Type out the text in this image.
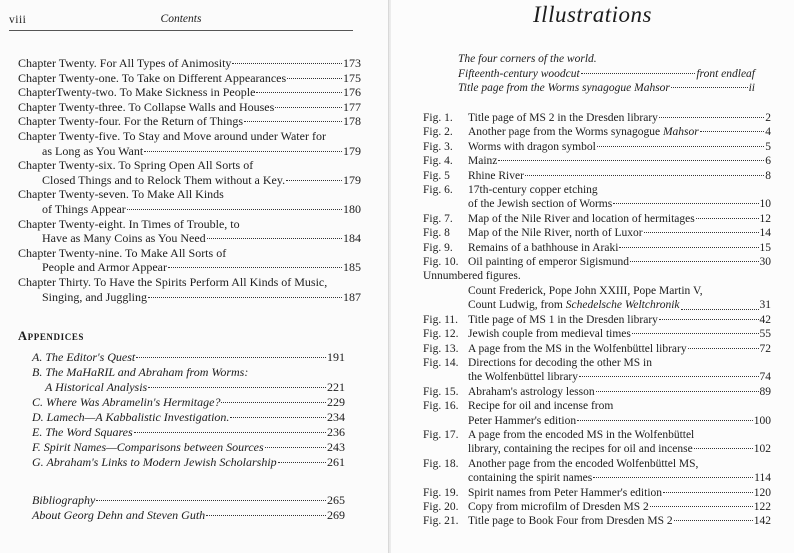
viii	Contents
Chapter Twenty. For All Types of Animosity	173
Chapter Twenty-one. To Take on Different Appearances	175
ChapterTwenty-two. To Make Sickness in People	176
Chapter Twenty-three. To Collapse Walls and Houses	177
Chapter Twenty-four. For the Return of Things	178
Chapter Twenty-five. To Stay and Move around under Water for
as Long as You Want	179
Chapter Twenty-six. To Spring Open All Sorts of
Closed Things and to Relock Them without a Key.	179
Chapter Twenty-seven. To Make All Kinds
of Things Appear	180
Chapter Twenty-eight. In Times of Trouble, to
Have as Many Coins as You Need	184
Chapter Twenty-nine. To Make All Sorts of
People and Armor Appear	185
Chapter Thirty. To Have the Spirits Perform All Kinds of Music,
Singing, and Juggling	187
Appendices
A. The Editor's Quest	191
B. The MaHaRIL and Abraham from Worms:
A Historical Analysis	221
C. Where Was Abramelin's Hermitage?	229
D. Lamech—A Kabbalistic Investigation.	234
E. The Word Squares	236
F. Spirit Names—Comparisons between Sources	243
G. Abraham's Links to Modern Jewish Scholarship	261
Bibliography	265
About Georg Dehn and Steven Guth	269
Illustrations
The four corners of the world.
Fifteenth-century woodcut	front endleaf
Title page from the Worms synagogue Mahsor	ii
Fig. 1.	Title page of MS 2 in the Dresden library	2
Fig. 2.	Another page from the Worms synagogue Mahsor	4
Fig. 3.	Worms with dragon symbol	5
Fig. 4.	Mainz	6
Fig. 5	Rhine River	8
Fig. 6.	17th-century copper etching
of the Jewish section of Worms	10
Fig. 7.	Map of the Nile River and location of hermitages	12
Fig. 8	Map of the Nile River, north of Luxor	14
Fig. 9.	Remains of a bathhouse in Araki	15
Fig. 10. Oil painting of emperor Sigismund	30
Unnumbered figures.
Count Frederick, Pope John XXIII, Pope Martin V,
Count Ludwig, from Schedelsche Weltchronik	31
Fig. 11. Title page of MS 1 in the Dresden library	42
Fig. 12. Jewish couple from medieval times	55
Fig. 13. A page from the MS in the Wolfenbüttel library	72
Fig. 14. Directions for decoding the other MS in
the Wolfenbüttel library	74
Fig. 15. Abraham's astrology lesson	89
Fig. 16. Recipe for oil and incense from
Peter Hammer's edition	100
Fig. 17. A page from the encoded MS in the Wolfenbüttel
library, containing the recipes for oil and incense	102
Fig. 18. Another page from the encoded Wolfenbüttel MS,
containing the spirit names	114
Fig. 19. Spirit names from Peter Hammer's edition	120
Fig. 20. Copy from microfilm of Dresden MS 2	122
Fig. 21. Title page to Book Four from Dresden MS 2	142
